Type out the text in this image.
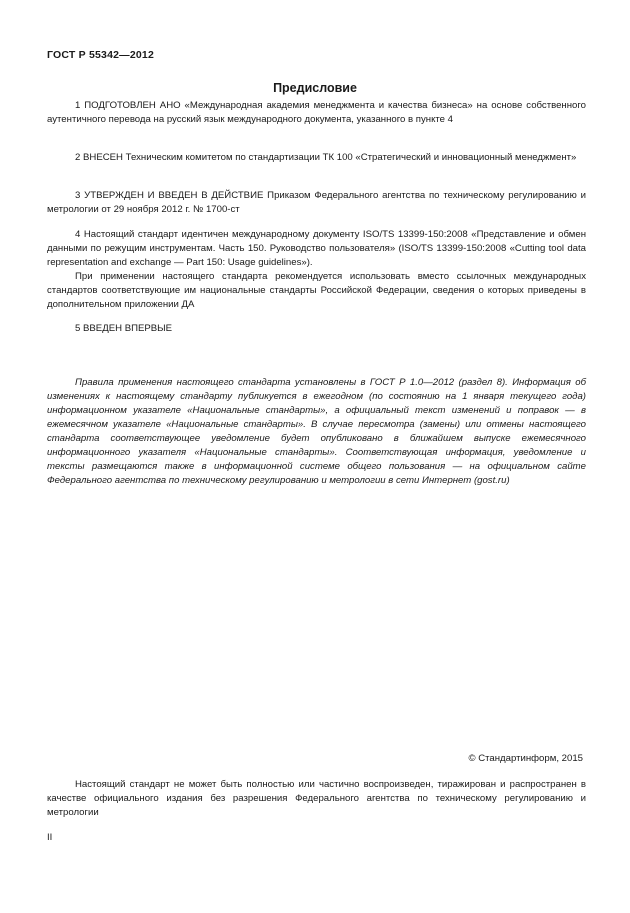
ГОСТ Р 55342—2012
Предисловие

1 ПОДГОТОВЛЕН АНО «Международная академия менеджмента и качества бизнеса» на основе собственного аутентичного перевода на русский язык международного документа, указанного в пункте 4

2 ВНЕСЕН Техническим комитетом по стандартизации ТК 100 «Стратегический и инновационный менеджмент»

3 УТВЕРЖДЕН И ВВЕДЕН В ДЕЙСТВИЕ Приказом Федерального агентства по техническому регулированию и метрологии от 29 ноября 2012 г. № 1700-ст

4 Настоящий стандарт идентичен международному документу ISO/TS 13399-150:2008 «Представление и обмен данными по режущим инструментам. Часть 150. Руководство пользователя» (ISO/TS 13399-150:2008 «Cutting tool data representation and exchange — Part 150: Usage guidelines»).

При применении настоящего стандарта рекомендуется использовать вместо ссылочных международных стандартов соответствующие им национальные стандарты Российской Федерации, сведения о которых приведены в дополнительном приложении ДА

5 ВВЕДЕН ВПЕРВЫЕ

Правила применения настоящего стандарта установлены в ГОСТ Р 1.0—2012 (раздел 8). Информация об изменениях к настоящему стандарту публикуется в ежегодном (по состоянию на 1 января текущего года) информационном указателе «Национальные стандарты», а официальный текст изменений и поправок — в ежемесячном указателе «Национальные стандарты». В случае пересмотра (замены) или отмены настоящего стандарта соответствующее уведомление будет опубликовано в ближайшем выпуске ежемесячного информационного указателя «Национальные стандарты». Соответствующая информация, уведомление и тексты размещаются также в информационной системе общего пользования — на официальном сайте Федерального агентства по техническому регулированию и метрологии в сети Интернет (gost.ru)

© Стандартинформ, 2015

Настоящий стандарт не может быть полностью или частично воспроизведен, тиражирован и распространен в качестве официального издания без разрешения Федерального агентства по техническому регулированию и метрологии

II
